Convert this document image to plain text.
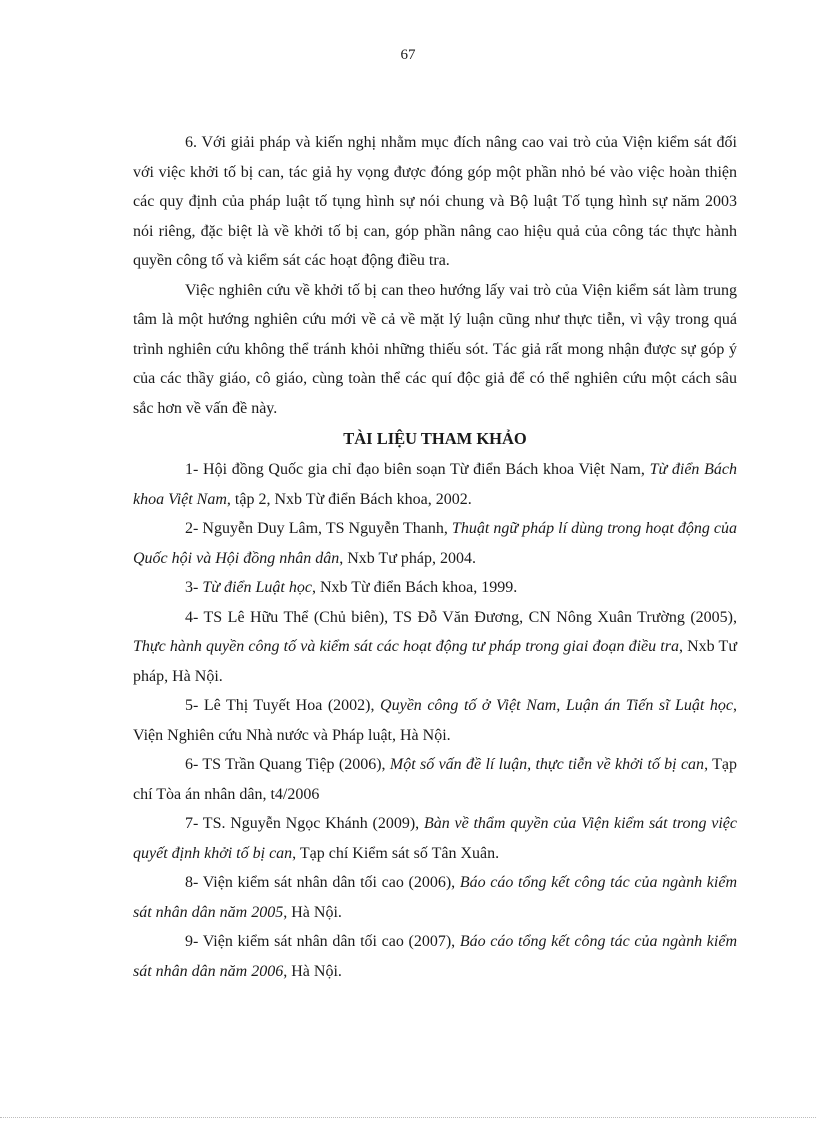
67

6. Với giải pháp và kiến nghị nhằm mục đích nâng cao vai trò của Viện kiểm sát đối với việc khởi tố bị can, tác giả hy vọng được đóng góp một phần nhỏ bé vào việc hoàn thiện các quy định của pháp luật tố tụng hình sự nói chung và Bộ luật Tố tụng hình sự năm 2003 nói riêng, đặc biệt là về khởi tố bị can, góp phần nâng cao hiệu quả của công tác thực hành quyền công tố và kiểm sát các hoạt động điều tra.

Việc nghiên cứu về khởi tố bị can theo hướng lấy vai trò của Viện kiểm sát làm trung tâm là một hướng nghiên cứu mới về cả về mặt lý luận cũng như thực tiễn, vì vậy trong quá trình nghiên cứu không thể tránh khỏi những thiếu sót. Tác giả rất mong nhận được sự góp ý của các thầy giáo, cô giáo, cùng toàn thể các quí độc giả để có thể nghiên cứu một cách sâu sắc hơn về vấn đề này.

TÀI LIỆU THAM KHẢO

1- Hội đồng Quốc gia chỉ đạo biên soạn Từ điển Bách khoa Việt Nam, Từ điển Bách khoa Việt Nam, tập 2, Nxb Từ điển Bách khoa, 2002.

2- Nguyễn Duy Lâm, TS Nguyễn Thanh, Thuật ngữ pháp lí dùng trong hoạt động của Quốc hội và Hội đồng nhân dân, Nxb Tư pháp, 2004.

3- Từ điển Luật học, Nxb Từ điển Bách khoa, 1999.

4- TS Lê Hữu Thể (Chủ biên), TS Đỗ Văn Đương, CN Nông Xuân Trường (2005), Thực hành quyền công tố và kiểm sát các hoạt động tư pháp trong giai đoạn điều tra, Nxb Tư pháp, Hà Nội.

5- Lê Thị Tuyết Hoa (2002), Quyền công tố ở Việt Nam, Luận án Tiến sĩ Luật học, Viện Nghiên cứu Nhà nước và Pháp luật, Hà Nội.

6- TS Trần Quang Tiệp (2006), Một số vấn đề lí luận, thực tiễn về khởi tố bị can, Tạp chí Tòa án nhân dân, t4/2006

7- TS. Nguyễn Ngọc Khánh (2009), Bàn về thẩm quyền của Viện kiểm sát trong việc quyết định khởi tố bị can, Tạp chí Kiểm sát số Tân Xuân.

8- Viện kiểm sát nhân dân tối cao (2006), Báo cáo tổng kết công tác của ngành kiểm sát nhân dân năm 2005, Hà Nội.

9- Viện kiểm sát nhân dân tối cao (2007), Báo cáo tổng kết công tác của ngành kiểm sát nhân dân năm 2006, Hà Nội.
